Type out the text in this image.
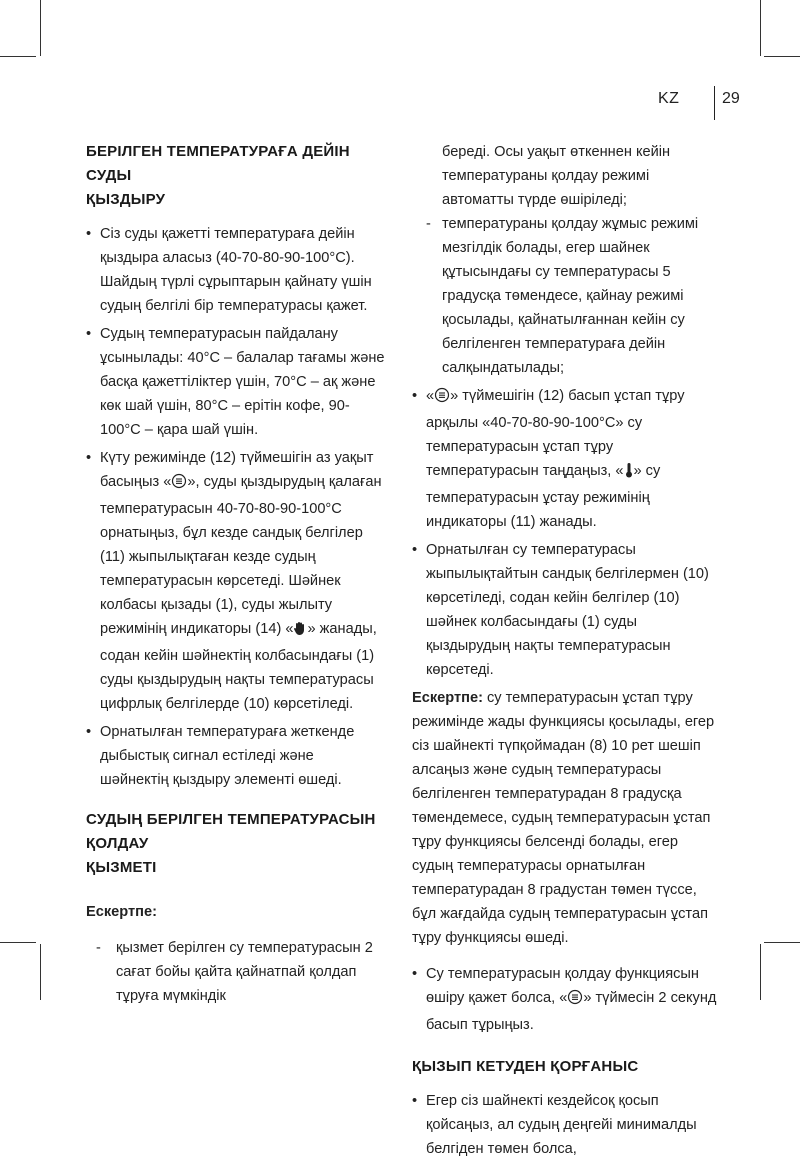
KZ	29
БЕРІЛГЕН ТЕМПЕРАТУРАҒА ДЕЙІН СУДЫ
ҚЫЗДЫРУ
• Сіз суды қажетті температураға дейін қыздыра аласыз (40-70-80-90-100°С). Шайдың түрлі сұрыптарын қайнату үшін судың белгілі бір температурасы қажет.
• Судың температурасын пайдалану ұсынылады: 40°С – балалар тағамы және басқа қажеттіліктер үшін, 70°С – ақ және көк шай үшін, 80°С – ерітін кофе, 90-100°С – қара шай үшін.
• Күту режимінде (12) түймешігін аз уақыт басыңыз « », суды қыздырудың қалаған температурасын 40-70-80-90-100°С орнатыңыз, бұл кезде сандық белгілер (11) жыпылықтаған кезде судың температурасын көрсетеді. Шәйнек колбасы қызады (1), суды жылыту режимінің индикаторы (14) « » жанады, содан кейін шәйнектің колбасындағы (1) суды қыздырудың нақты температурасы цифрлық белгілерде (10) көрсетіледі.
• Орнатылған температураға жеткенде дыбыстық сигнал естіледі және шәйнектің қыздыру элементі өшеді.
СУДЫҢ БЕРІЛГЕН ТЕМПЕРАТУРАСЫН ҚОЛДАУ
ҚЫЗМЕТІ
Ескертпе:
- қызмет берілген су температурасын 2 сағат бойы қайта қайнатпай қолдап тұруға мүмкіндік

береді. Осы уақыт өткеннен кейін температураны қолдау режимі автоматты түрде өшіріледі;

- температураны қолдау жұмыс режимі мезгілдік болады, егер шайнек құтысындағы су температурасы 5 градусқа төмендесе, қайнау режимі қосылады, қайнатылғаннан кейін су белгіленген температураға дейін салқындатылады;
• « » түймешігін (12) басып ұстап тұру арқылы «40-70-80-90-100°С» су температурасын ұстап тұру температурасын таңдаңыз, « » су температурасын ұстау режимінің индикаторы (11) жанады.
• Орнатылған су температурасы жыпылықтайтын сандық белгілермен (10) көрсетіледі, содан кейін белгілер (10) шәйнек колбасындағы (1) суды қыздырудың нақты температурасын көрсетеді.
Ескертпе: су температурасын ұстап тұру режиміндe жады функциясы қосылады, егер сіз шайнекті түпқоймадан (8) 10 рет шешіп алсаңыз және судың температурасы белгіленген температурадан 8 градусқа төмендемесе, судың температурасын ұстап тұру функциясы белсенді болады, егер судың температурасы орнатылған температурадан 8 градустан төмен түссе, бұл жағдайда судың температурасын ұстап тұру функциясы өшеді.
• Су температурасын қолдау функциясын өшіру қажет болса, « » түймесін 2 секунд басып тұрыңыз.
ҚЫЗЫП КЕТУДЕН ҚОРҒАНЫС
• Егер сіз шайнекті кездейсоқ қосып қойсаңыз, ал судың деңгейі минималды белгіден төмен болса,
